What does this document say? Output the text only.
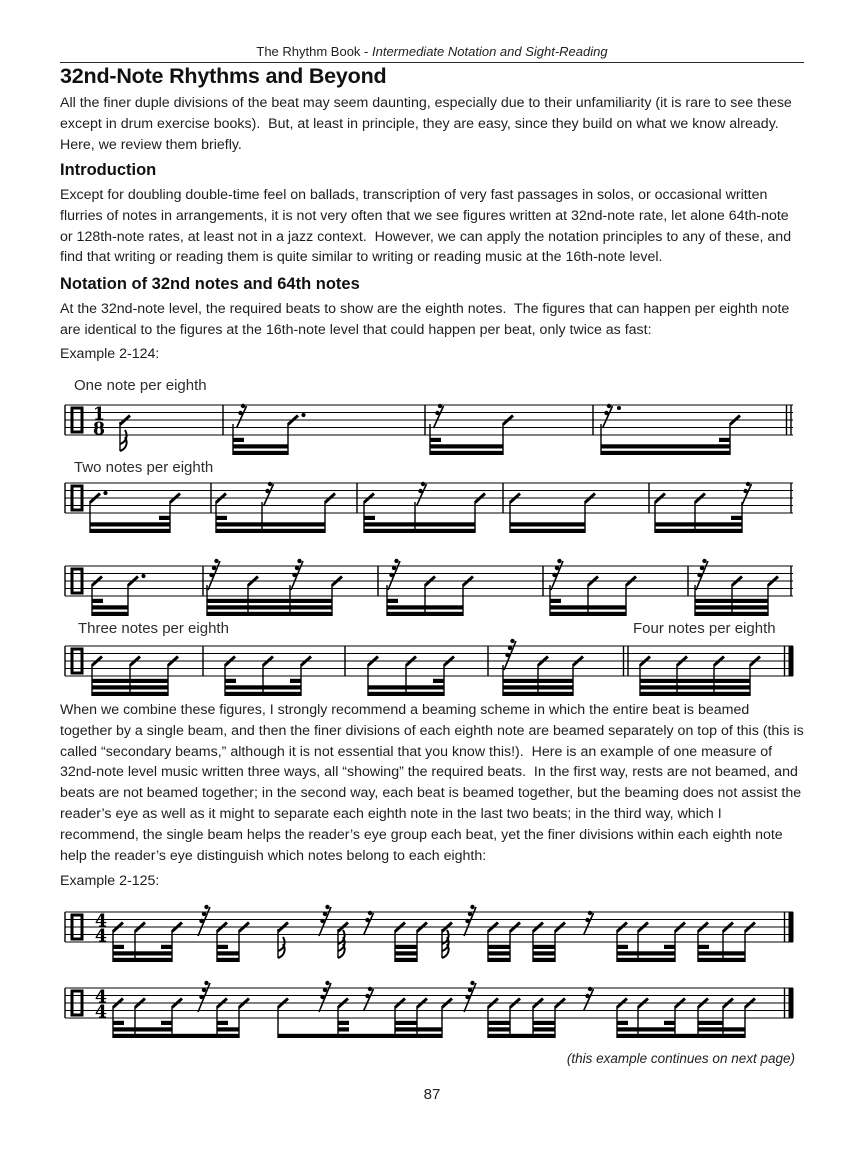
The Rhythm Book - Intermediate Notation and Sight-Reading
32nd-Note Rhythms and Beyond
All the finer duple divisions of the beat may seem daunting, especially due to their unfamiliarity (it is rare to see these except in drum exercise books).  But, at least in principle, they are easy, since they build on what we know already.  Here, we review them briefly.
Introduction
Except for doubling double-time feel on ballads, transcription of very fast passages in solos, or occasional written flurries of notes in arrangements, it is not very often that we see figures written at 32nd-note rate, let alone 64th-note or 128th-note rates, at least not in a jazz context.  However, we can apply the notation principles to any of these, and find that writing or reading them is quite similar to writing or reading music at the 16th-note level.
Notation of 32nd notes and 64th notes
At the 32nd-note level, the required beats to show are the eighth notes.  The figures that can happen per eighth note are identical to the figures at the 16th-note level that could happen per beat, only twice as fast:
Example 2-124:
One note per eighth
1
8
Two notes per eighth
Three notes per eighth	Four notes per eighth
When we combine these figures, I strongly recommend a beaming scheme in which the entire beat is beamed together by a single beam, and then the finer divisions of each eighth note are beamed separately on top of this (this is called “secondary beams,” although it is not essential that you know this!).  Here is an example of one measure of 32nd-note level music written three ways, all “showing” the required beats.  In the first way, rests are not beamed, and beats are not beamed together; in the second way, each beat is beamed together, but the beaming does not assist the reader’s eye as well as it might to separate each eighth note in the last two beats; in the third way, which I recommend, the single beam helps the reader’s eye group each beat, yet the finer divisions within each eighth note help the reader’s eye distinguish which notes belong to each eighth:
Example 2-125:
4
4
4
4
(this example continues on next page)
87
